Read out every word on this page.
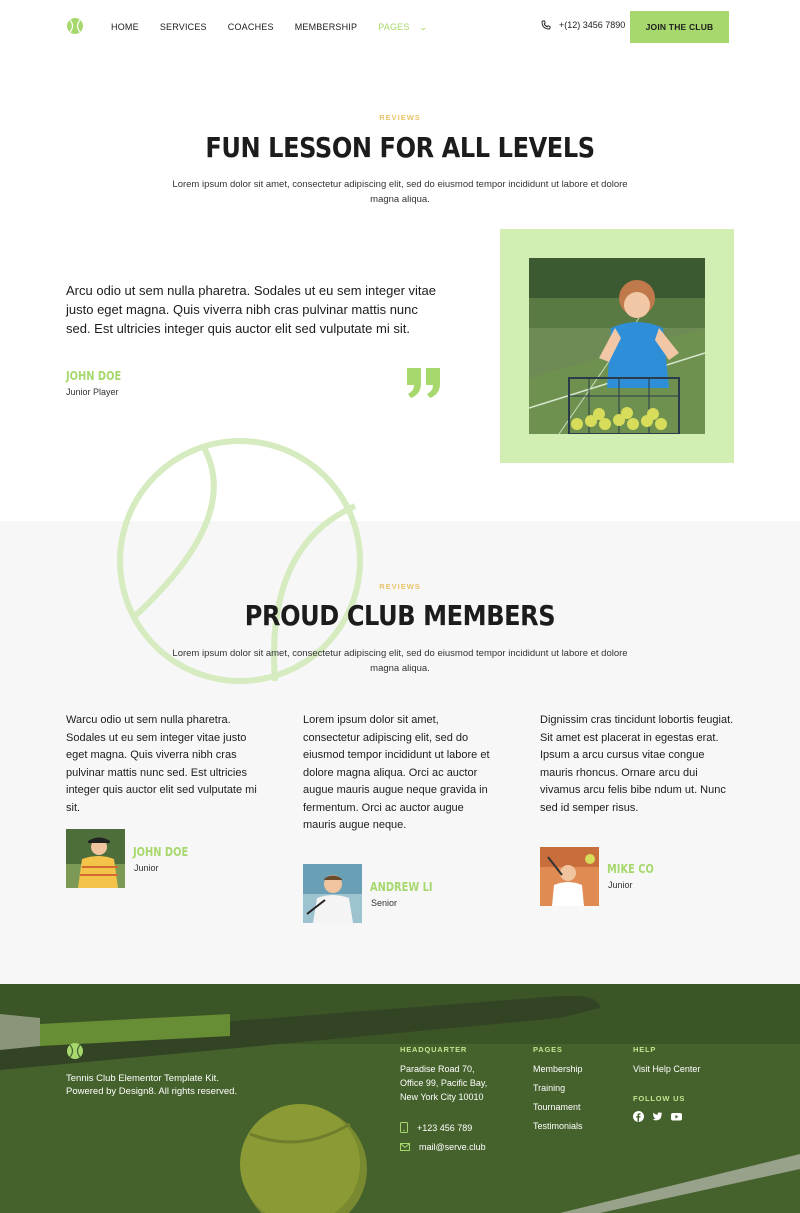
HOME SERVICES COACHES MEMBERSHIP PAGES ⌄	+(12) 3456 7890	JOIN THE CLUB
REVIEWS
FUN LESSON FOR ALL LEVELS
Lorem ipsum dolor sit amet, consectetur adipiscing elit, sed do eiusmod tempor incididunt ut labore et dolore magna aliqua.
Arcu odio ut sem nulla pharetra. Sodales ut eu sem integer vitae justo eget magna. Quis viverra nibh cras pulvinar mattis nunc sed. Est ultricies integer quis auctor elit sed vulputate mi sit.
JOHN DOE
Junior Player
REVIEWS
PROUD CLUB MEMBERS
Lorem ipsum dolor sit amet, consectetur adipiscing elit, sed do eiusmod tempor incididunt ut labore et dolore magna aliqua.
Warcu odio ut sem nulla pharetra. Sodales ut eu sem integer vitae justo eget magna. Quis viverra nibh cras pulvinar mattis nunc sed. Est ultricies integer quis auctor elit sed vulputate mi sit.
JOHN DOE
Junior
Lorem ipsum dolor sit amet, consectetur adipiscing elit, sed do eiusmod tempor incididunt ut labore et dolore magna aliqua. Orci ac auctor augue mauris augue neque gravida in fermentum. Orci ac auctor augue mauris augue neque.
ANDREW LI
Senior
Dignissim cras tincidunt lobortis feugiat. Sit amet est placerat in egestas erat. Ipsum a arcu cursus vitae congue mauris rhoncus. Ornare arcu dui vivamus arcu felis bibe ndum ut. Nunc sed id semper risus.
MIKE CO
Junior
Tennis Club Elementor Template Kit.
Powered by Design8. All rights reserved.
HEADQUARTER
Paradise Road 70,
Office 99, Pacific Bay,
New York City 10010
+123 456 789
mail@serve.club
PAGES
Membership
Training
Tournament
Testimonials
HELP
Visit Help Center
FOLLOW US
